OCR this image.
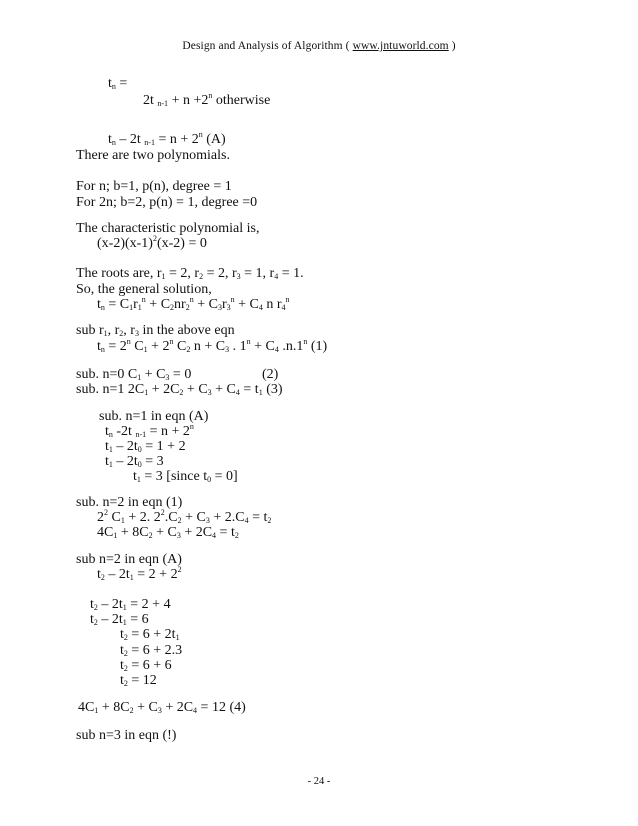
Design and Analysis of Algorithm ( www.jntuworld.com )
$t_n$ =
2t $_{n-1} + n +2^n$ otherwise
$t_n - 2t$ $_{n-1} = n + 2^n$ (A)
There are two polynomials.
For n; b=1, p(n), degree = 1
For 2n; b=2, p(n) = 1, degree =0
The characteristic polynomial is,
$(x-2)(x-1)^2(x-2) = 0$
The roots are, $r_1 = 2$, $r_2 = 2$, $r_3 = 1$, $r_4 = 1$.
So, the general solution,
$t_n = C_1r_1^n + C_2nr_2^n + C_3r_3^n + C_4$ n $r_4^n$
sub $r_1$, $r_2$, $r_3$ in the above eqn
$t_n = 2^n$ $C_1 + 2^n$ $C_2$ $n + C_3$ . $1^n + C_4$ .n.1$^n$ (1)
sub. n=0 $C_1 + C_3 = 0$	(2)
sub. n=1 $2C_1 + 2C_2 + C_3 + C_4 = t_1$ (3)
sub. n=1 in eqn (A)
$t_n$ -2t $_{n-1} = n + 2^n$
$t_1 - 2t_0 = 1 + 2$
$t_1 - 2t_0 = 3$
$t_1 = 3$ [since $t_0 = 0$]
sub. n=2 in eqn (1)
$2^2$ $C_1 + 2$. $2^2.C_2 + C_3 + 2.C_4 = t_2$
$4C_1 + 8C_2 + C_3 + 2C_4 = t_2$
sub n=2 in eqn (A)
$t_2 - 2t_1 = 2 + 2^2$
$t_2 - 2t_1 = 2 + 4$
$t_2 - 2t_1 = 6$
$t_2 = 6 + 2t_1$
$t_2 = 6 + 2.3$
$t_2 = 6 + 6$
$t_2 = 12$
$4C_1 + 8C_2 + C_3 + 2C_4 = 12$ (4)
sub n=3 in eqn (!)
- 24 -
